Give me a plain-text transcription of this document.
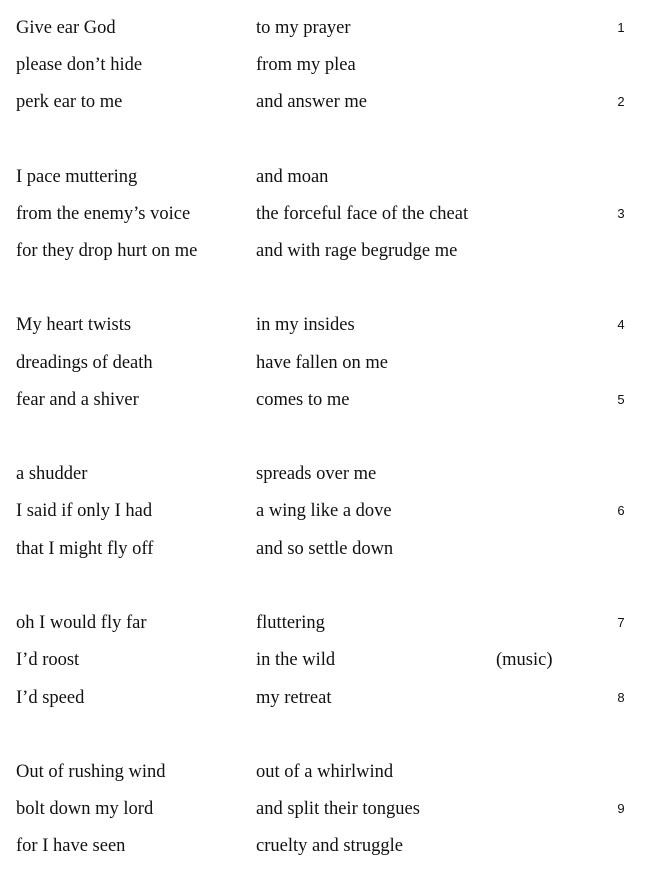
Give ear God	to my prayer	1
please don’t hide	from my plea
perk ear to me	and answer me	2
I pace muttering	and moan
from the enemy’s voice	the forceful face of the cheat	3
for they drop hurt on me	and with rage begrudge me
My heart twists	in my insides	4
dreadings of death	have fallen on me
fear and a shiver	comes to me	5
a shudder	spreads over me
I said if only I had	a wing like a dove	6
that I might fly off	and so settle down
oh I would fly far	fluttering	7
I’d roost	in the wild	(music)
I’d speed	my retreat	8
Out of rushing wind	out of a whirlwind
bolt down my lord	and split their tongues	9
for I have seen	cruelty and struggle
